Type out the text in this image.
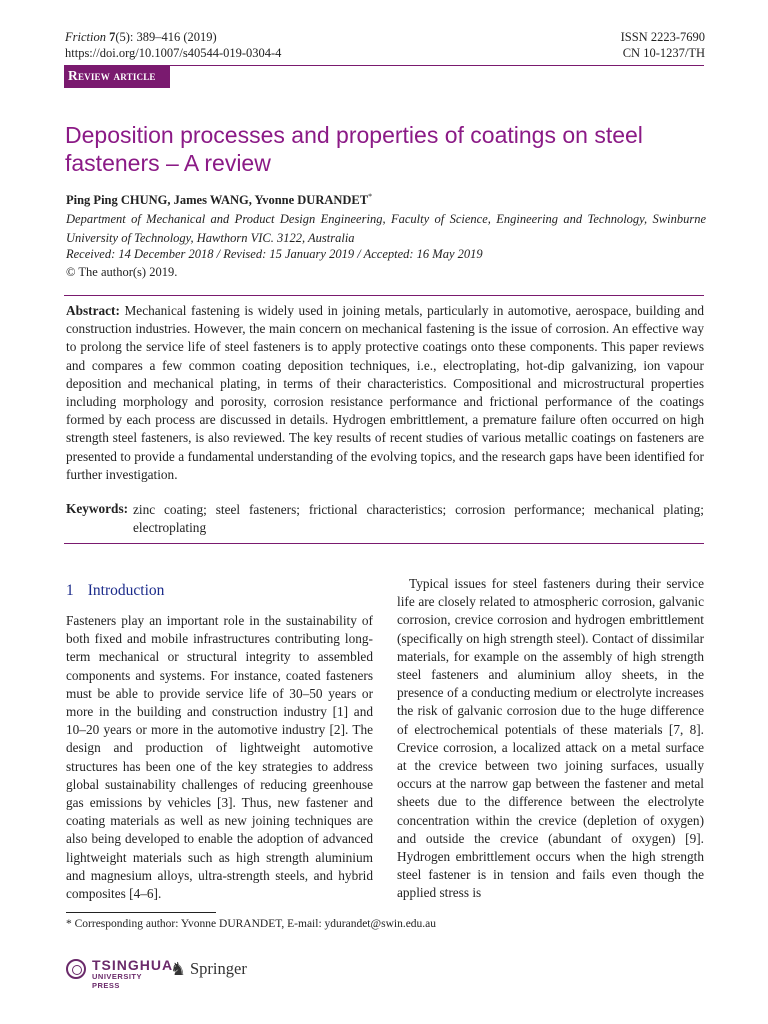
Friction 7(5): 389–416 (2019)
https://doi.org/10.1007/s40544-019-0304-4
ISSN 2223-7690
CN 10-1237/TH
Review article
Deposition processes and properties of coatings on steel fasteners – A review
Ping Ping CHUNG, James WANG, Yvonne DURANDET*
Department of Mechanical and Product Design Engineering, Faculty of Science, Engineering and Technology, Swinburne University of Technology, Hawthorn VIC. 3122, Australia
Received: 14 December 2018 / Revised: 15 January 2019 / Accepted: 16 May 2019
© The author(s) 2019.
Abstract: Mechanical fastening is widely used in joining metals, particularly in automotive, aerospace, building and construction industries. However, the main concern on mechanical fastening is the issue of corrosion. An effective way to prolong the service life of steel fasteners is to apply protective coatings onto these components. This paper reviews and compares a few common coating deposition techniques, i.e., electroplating, hot-dip galvanizing, ion vapour deposition and mechanical plating, in terms of their characteristics. Compositional and microstructural properties including morphology and porosity, corrosion resistance performance and frictional performance of the coatings formed by each process are discussed in details. Hydrogen embrittlement, a premature failure often occurred on high strength steel fasteners, is also reviewed. The key results of recent studies of various metallic coatings on fasteners are presented to provide a fundamental understanding of the evolving topics, and the research gaps have been identified for further investigation.
Keywords: zinc coating; steel fasteners; frictional characteristics; corrosion performance; mechanical plating; electroplating
1 Introduction
Fasteners play an important role in the sustainability of both fixed and mobile infrastructures contributing long-term mechanical or structural integrity to assembled components and systems. For instance, coated fasteners must be able to provide service life of 30–50 years or more in the building and construction industry [1] and 10–20 years or more in the automotive industry [2]. The design and production of lightweight automotive structures has been one of the key strategies to address global sustainability challenges of reducing greenhouse gas emissions by vehicles [3]. Thus, new fastener and coating materials as well as new joining techniques are also being developed to enable the adoption of advanced lightweight materials such as high strength aluminium and magnesium alloys, ultra-strength steels, and hybrid composites [4–6].
Typical issues for steel fasteners during their service life are closely related to atmospheric corrosion, galvanic corrosion, crevice corrosion and hydrogen embrittlement (specifically on high strength steel). Contact of dissimilar materials, for example on the assembly of high strength steel fasteners and aluminium alloy sheets, in the presence of a conducting medium or electrolyte increases the risk of galvanic corrosion due to the huge difference of electrochemical potentials of these materials [7, 8]. Crevice corrosion, a localized attack on a metal surface at the crevice between two joining surfaces, usually occurs at the narrow gap between the fastener and metal sheets due to the difference between the electrolyte concentration within the crevice (depletion of oxygen) and outside the crevice (abundant of oxygen) [9]. Hydrogen embrittlement occurs when the high strength steel fastener is in tension and fails even though the applied stress is
* Corresponding author: Yvonne DURANDET, E-mail: ydurandet@swin.edu.au
TSINGHUA
UNIVERSITY PRESS
♞ Springer
